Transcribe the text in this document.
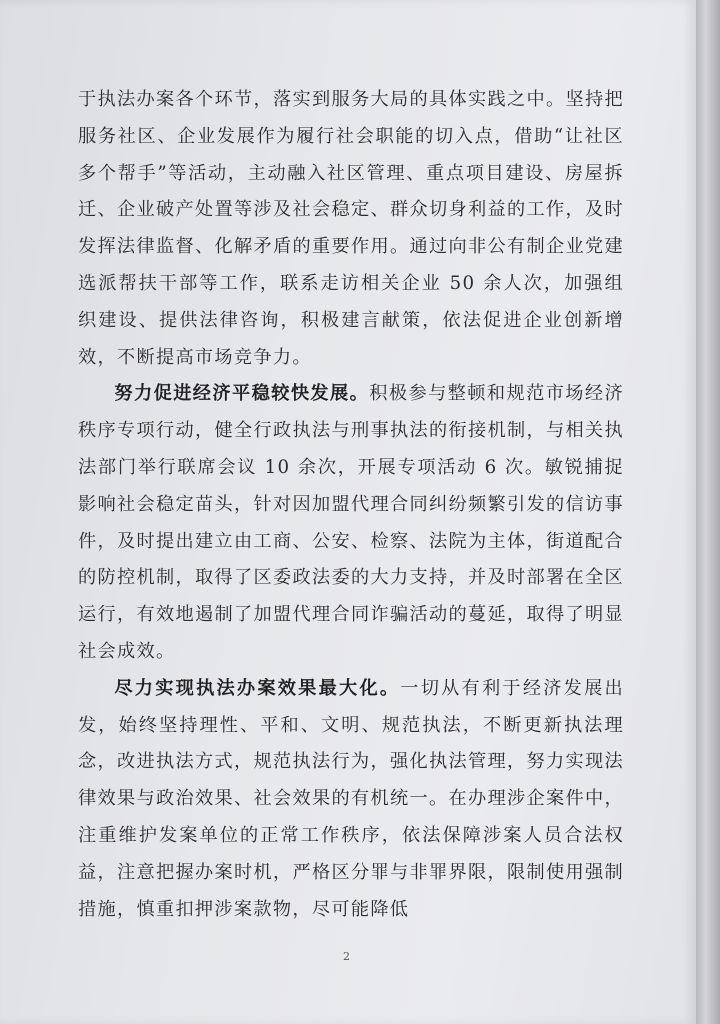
于执法办案各个环节，落实到服务大局的具体实践之中。坚持把服务社区、企业发展作为履行社会职能的切入点，借助“让社区多个帮手”等活动，主动融入社区管理、重点项目建设、房屋拆迁、企业破产处置等涉及社会稳定、群众切身利益的工作，及时发挥法律监督、化解矛盾的重要作用。通过向非公有制企业党建选派帮扶干部等工作，联系走访相关企业 50 余人次，加强组织建设、提供法律咨询，积极建言献策，依法促进企业创新增效，不断提高市场竞争力。

努力促进经济平稳较快发展。积极参与整顿和规范市场经济秩序专项行动，健全行政执法与刑事执法的衔接机制，与相关执法部门举行联席会议 10 余次，开展专项活动 6 次。敏锐捕捉影响社会稳定苗头，针对因加盟代理合同纠纷频繁引发的信访事件，及时提出建立由工商、公安、检察、法院为主体，街道配合的防控机制，取得了区委政法委的大力支持，并及时部署在全区运行，有效地遏制了加盟代理合同诈骗活动的蔓延，取得了明显社会成效。

尽力实现执法办案效果最大化。一切从有利于经济发展出发，始终坚持理性、平和、文明、规范执法，不断更新执法理念，改进执法方式，规范执法行为，强化执法管理，努力实现法律效果与政治效果、社会效果的有机统一。在办理涉企案件中，注重维护发案单位的正常工作秩序，依法保障涉案人员合法权益，注意把握办案时机，严格区分罪与非罪界限，限制使用强制措施，慎重扣押涉案款物，尽可能降低

2
